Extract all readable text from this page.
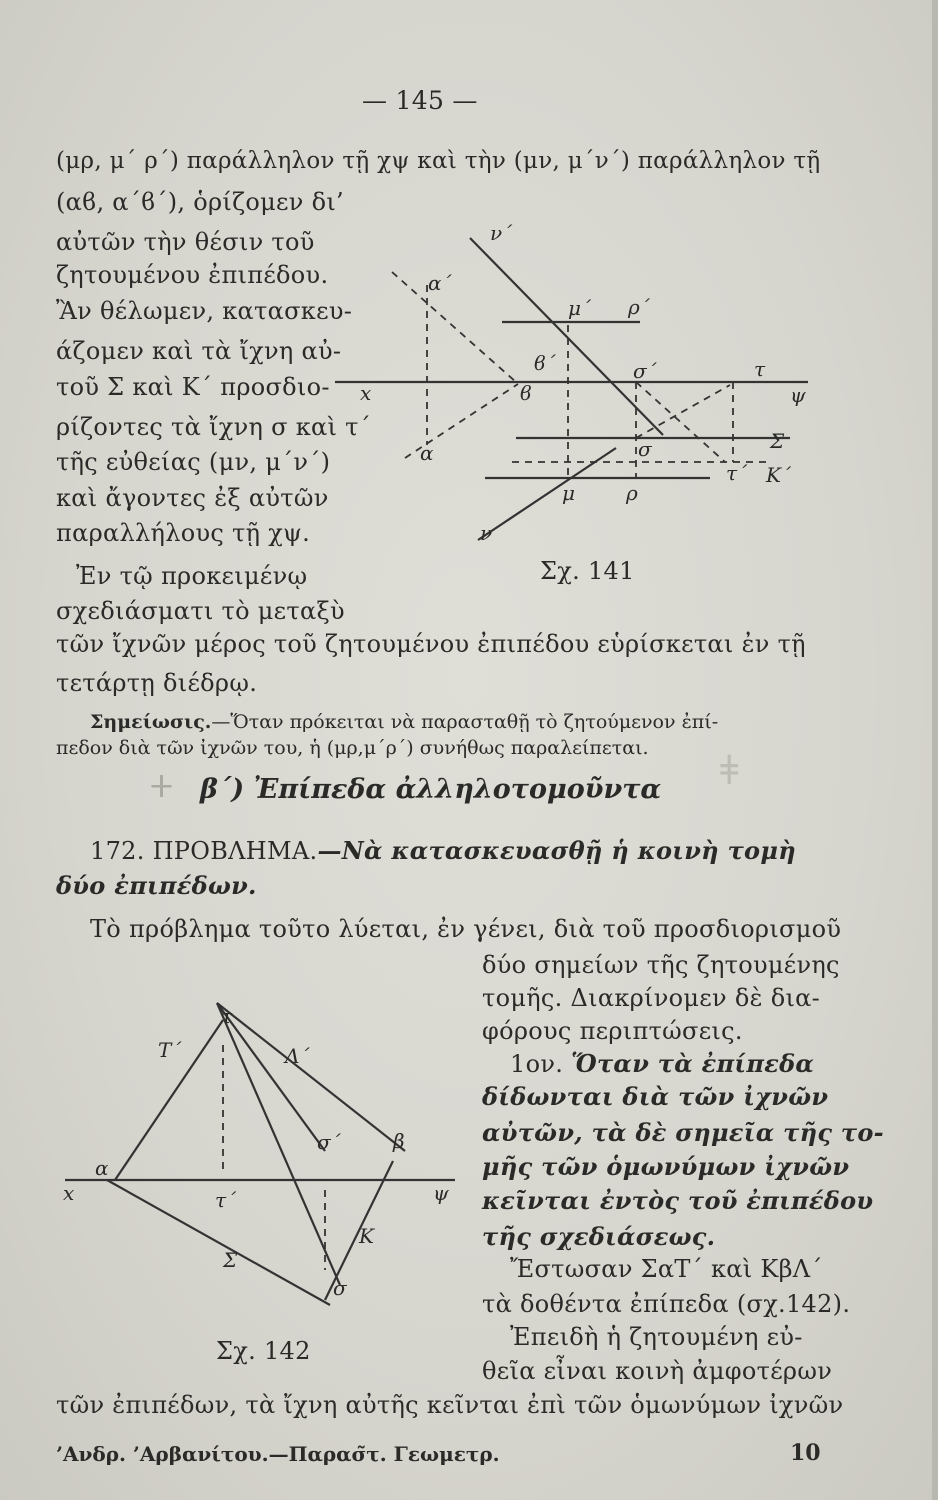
— 145 —
(μρ, μ΄ ρ΄) παράλληλον τῇ χψ καὶ τὴν (μν, μ΄ν΄) παράλληλον τῇ
(αϐ, α΄ϐ΄), ὁρίζομεν δι’
αὐτῶν τὴν θέσιν τοῦ
ζητουμένου ἐπιπέδου.
Ἂν θέλωμεν, κατασκευ-
άζομεν καὶ τὰ ἴχνη αὐ-
τοῦ Σ καὶ Κ΄ προσδιο-
ρίζοντες τὰ ἴχνη σ καὶ τ΄
τῆς εὐθείας (μν, μ΄ν΄)
καὶ ἄγοντες ἐξ αὐτῶν
παραλλήλους τῇ χψ.
Ἐν τῷ προκειμένῳ
σχεδιάσματι τὸ μεταξὺ
τῶν ἴχνῶν μέρος τοῦ ζητουμένου ἐπιπέδου εὑρίσκεται ἐν τῇ
τετάρτῃ διέδρῳ.
ν΄
α΄
μ΄ ρ΄
ϐ΄	σ΄	τ
x	ϐ	ψ
σ
α	Σ
τ΄ Κ΄
μ	ρ
ν
Σχ. 141
Σημείωσις.—Ὅταν πρόκειται νὰ παρασταθῇ τὸ ζητούμενον ἐπί-
πεδον διὰ τῶν ἰχνῶν του, ἡ (μρ,μ΄ρ΄) συνήθως παραλείπεται.
ⵜ	ǂ
β΄) Ἐπίπεδα ἀλληλοτομοῦντα
172. ΠΡΟΒΛΗΜΑ.—Νὰ κατασκευασθῇ ἡ κοινὴ τομὴ
δύο ἐπιπέδων.
Τὸ πρόβλημα τοῦτο λύεται, ἐν γένει, διὰ τοῦ προσδιορισμοῦ
δύο σημείων τῆς ζητουμένης
τομῆς. Διακρίνομεν δὲ δια-
φόρους περιπτώσεις.
1ον. Ὅταν τὰ ἐπίπεδα
δίδωνται διὰ τῶν ἰχνῶν
αὐτῶν, τὰ δὲ σημεῖα τῆς το-
μῆς τῶν ὁμωνύμων ἰχνῶν
κεῖνται ἐντὸς τοῦ ἐπιπέδου
τῆς σχεδιάσεως.
Ἔστωσαν ΣαΤ΄ καὶ ΚβΛ΄
τὰ δοθέντα ἐπίπεδα (σχ.142).
Ἐπειδὴ ἡ ζητουμένη εὐ-
θεῖα εἶναι κοινὴ ἀμφοτέρων
τῶν ἐπιπέδων, τὰ ἴχνη αὐτῆς κεῖνται ἐπὶ τῶν ὁμωνύμων ἰχνῶν
τ
Τ΄	Λ΄
σ΄	β
α
x	ψ
τ΄
Κ
Σ
σ
Σχ. 142
’Ανδρ. ’Αρβανίτου.—Παρασ̃τ. Γεωμετρ.	10
